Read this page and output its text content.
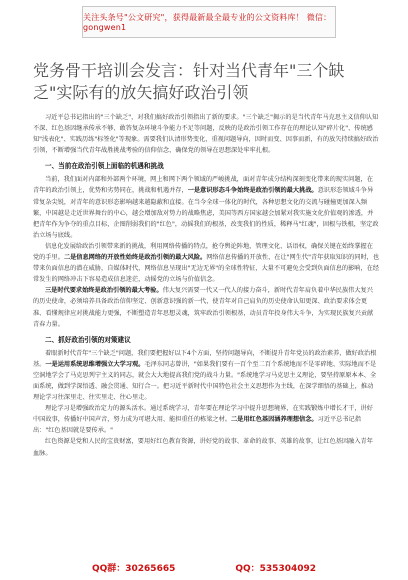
关注头条号"公文研究"，获得最新最全最专业的公文资料库！ 微信：gongwen1
党务骨干培训会发言：针对当代青年"三个缺乏"实际有的放矢搞好政治引领

习近平总书记指出的"三个缺乏"，对我们搞好政治引领指出了新的要求。"三个缺乏"揭示的是当代青年马克思主义信仰认知不深、红色基因继承传承不够、敢答复杂环境斗争能力不足等问题，反映的是政治引领工作存在的理论认知"碎片化"、传统感知"浅表化"、实践历练"标签化"等现象。需要我们认清形势变化，重视问题导向，因时而变、因事而新，有的放矢持续搞好政治引领，不断增强当代青年战胜挑战考验的信仰信念，确保党的领导在思想深处牢牢扎根。

一、当前在政治引领上面临的机遇和挑战

当前，我们面对内部和外部两个环境，网上和网下两个领域的严峻挑战，面对青年成分结构深刻变化带来的现实问题，在青年的政治引领上，优势和劣势同在，挑战和机遇并存，一是意识形态斗争始终是政治引领的最大挑战。意识形态领域斗争异常复杂尖锐，对青年的意识形态影响越来越隐蔽和直接。在当今全球一体化的时代，各种思想文化的交流与碰撞更加深入频繁，中国越是走近世界舞台的中心，越会增加敌对势力的战略焦虑，美国等西方国家越会加紧对我实施文化价值观的渗透，并把青年作为争夺的重点目标，企图削弱我们的"红色"，动摇我们的根基，改变我们的性质，稀释马"红魂"，固根与铁根，坚定政治立场与底线。

信息化发展给政治引领带来新的挑战，利用网络传播的特点，抢夺舆论阵地，管理文化、话语权，确保关键在始终掌握在党的手里。二是信息网络的开放性始终是政治引领的最大风险。网络信息传播的开放性，在让"网生代"青年获取知识的同时，也带来负面信息的潜在威胁，自媒体时代，网络信息呈现出"无边无界"的全球性特征，大量不可避免会受到负面信息的影响，在经常发生的网络冲击下容易造成信息迷茫，动摇党的立场与价值信念。

三是时代要求始终是政治引领的最大考验。伟大复兴需要一代又一代人的接力奋斗，新时代青年肩负着中华民族伟大复兴的历史使命，必须培养具备政治信仰坚定、创新意识强的新一代，使青年对自己肩负的历史使命认知更深、政治要求体会更准、看懂规律应对挑战能力更强，不断塑造青年思想灵魂，筑牢政治引领根基，动员青年投身伟大斗争，为实现民族复兴贡献青春力量。

二、抓好政治引领的对策建议

着眼新时代青年"三个缺乏"问题，我们要把握好以下4个方面，坚持问题导向，不断提升青年党员的政治素养，做好政治根基。一是运用系统思维增强立大学习观。毛泽东同志曾讲，"如果我们要有一百个至二百个系统地而不是零碎地、实际地而不是空洞地学会了马克思列宁主义的同志，就会大大地提高我们党的战斗力量。"系统地学习马克思主义理论，要坚持原原本本、全面系统，做到学深悟透、融会贯通、知行合一。把习近平新时代中国特色社会主义思想作为主线，在深学细悟的基础上，推动理论学习往深里走、往实里走、往心里走。

理论学习是增强政治定力的源头活水。通过系统学习，青年要在理论学习中提升思想境界，在实践锻炼中增长才干，讲好中国故事，传播好中国声音，努力成为可堪大用、能担重任的栋梁之材。二是用红色基因涵养理想信念。习近平总书记指出："红色基因就是要传承。"

红色资源是党和人民的宝贵财富，要用好红色教育资源，讲好党的故事、革命的故事、英雄的故事，让红色基因融入青年血脉。

QQ群：30265665	QQ：535304092
